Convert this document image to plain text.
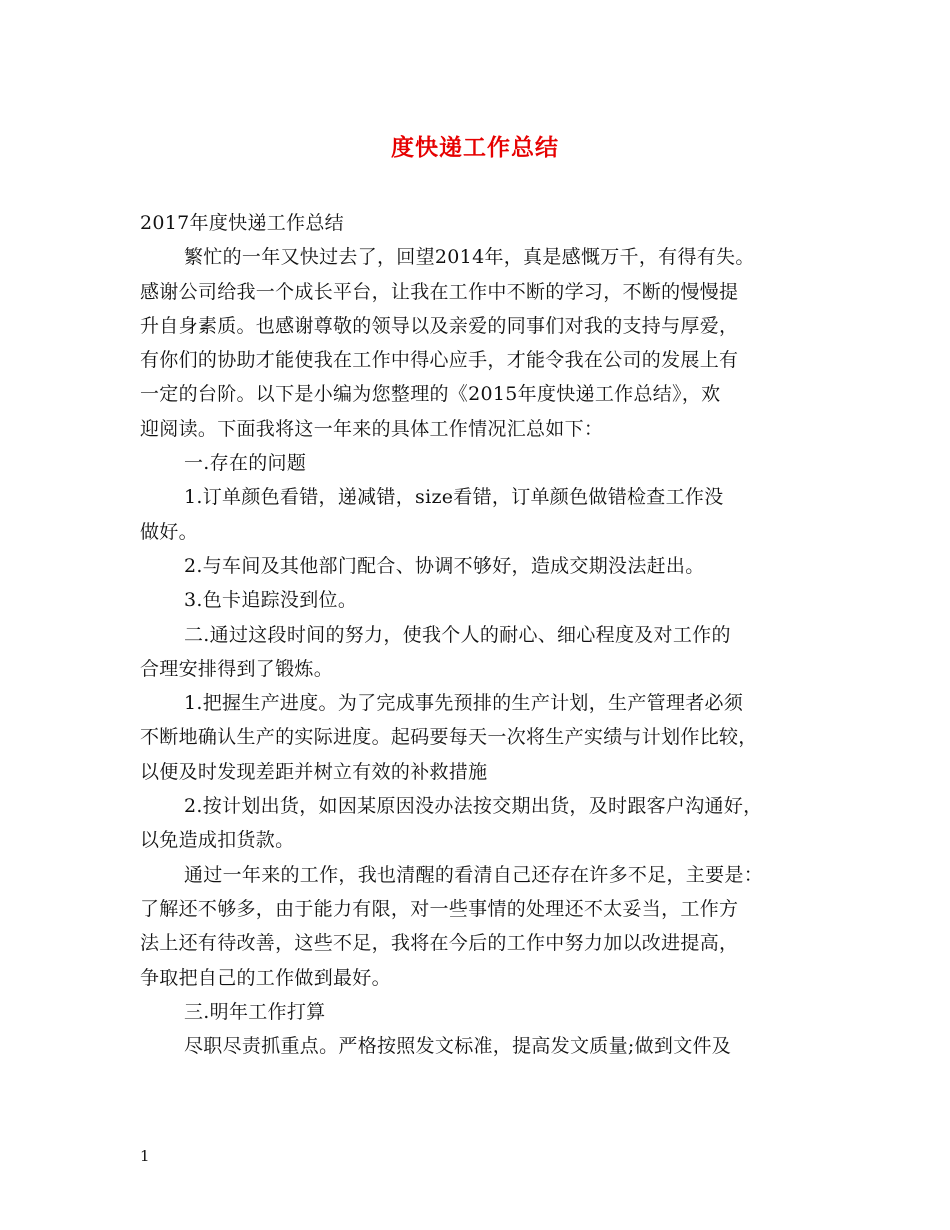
度快递工作总结
2017年度快递工作总结
繁忙的一年又快过去了，回望2014年，真是感慨万千，有得有失。
感谢公司给我一个成长平台，让我在工作中不断的学习，不断的慢慢提
升自身素质。也感谢尊敬的领导以及亲爱的同事们对我的支持与厚爱，
有你们的协助才能使我在工作中得心应手，才能令我在公司的发展上有
一定的台阶。以下是小编为您整理的《2015年度快递工作总结》，欢
迎阅读。下面我将这一年来的具体工作情况汇总如下：
一.存在的问题
1.订单颜色看错，递减错，size看错，订单颜色做错检查工作没
做好。
2.与车间及其他部门配合、协调不够好，造成交期没法赶出。
3.色卡追踪没到位。
二.通过这段时间的努力，使我个人的耐心、细心程度及对工作的
合理安排得到了锻炼。
1.把握生产进度。为了完成事先预排的生产计划，生产管理者必须
不断地确认生产的实际进度。起码要每天一次将生产实绩与计划作比较，
以便及时发现差距并树立有效的补救措施
2.按计划出货，如因某原因没办法按交期出货，及时跟客户沟通好，
以免造成扣货款。
通过一年来的工作，我也清醒的看清自己还存在许多不足，主要是：
了解还不够多，由于能力有限，对一些事情的处理还不太妥当，工作方
法上还有待改善，这些不足，我将在今后的工作中努力加以改进提高，
争取把自己的工作做到最好。
三.明年工作打算
尽职尽责抓重点。严格按照发文标准，提高发文质量;做到文件及
1
